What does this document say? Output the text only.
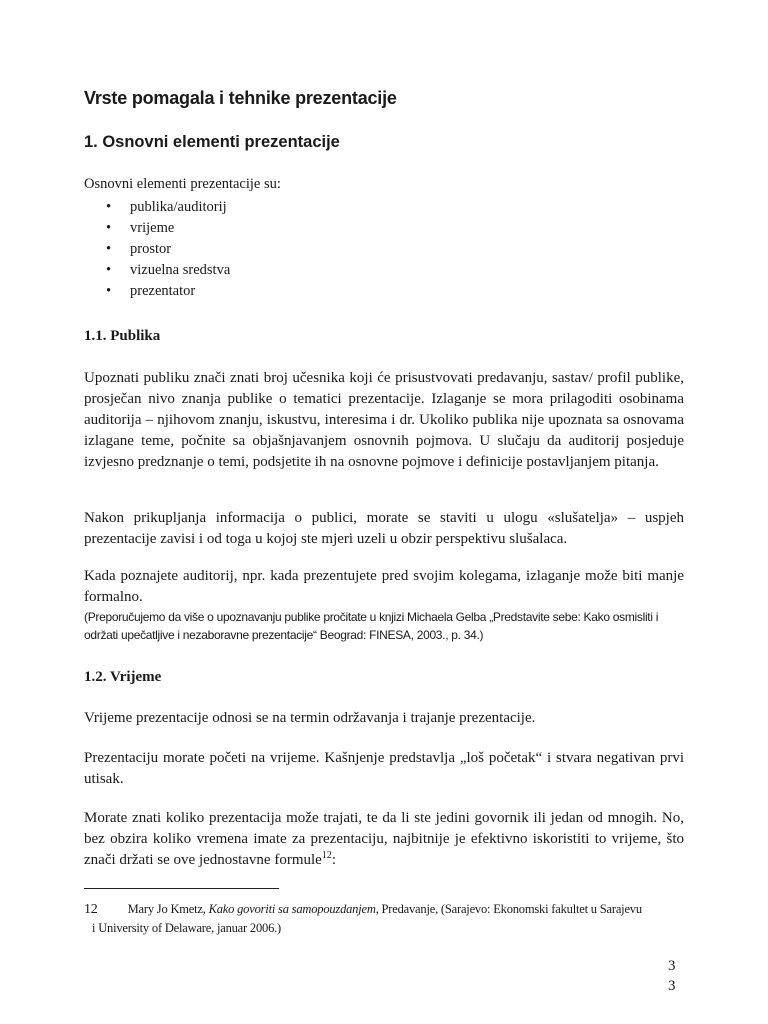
Vrste pomagala i tehnike prezentacije
1. Osnovni elementi prezentacije
Osnovni elementi prezentacije su:
• publika/auditorij
• vrijeme
• prostor
• vizuelna sredstva
• prezentator
1.1. Publika

Upoznati publiku znači znati broj učesnika koji će prisustvovati predavanju, sastav/ profil publike, prosječan nivo znanja publike o tematici prezentacije. Izlaganje se mora prilagoditi osobinama auditorija – njihovom znanju, iskustvu, interesima i dr. Ukoliko publika nije upoznata sa osnovama izlagane teme, počnite sa objašnjavanjem osnovnih pojmova. U slučaju da auditorij posjeduje izvjesno predznanje o temi, podsjetite ih na osnovne pojmove i definicije postavljanjem pitanja.

Nakon prikupljanja informacija o publici, morate se staviti u ulogu «slušatelja» – uspjeh prezentacije zavisi i od toga u kojoj ste mjeri uzeli u obzir perspektivu slušalaca.

Kada poznajete auditorij, npr. kada prezentujete pred svojim kolegama, izlaganje može biti manje formalno.

(Preporučujemo da više o upoznavanju publike pročitate u knjizi Michaela Gelba „Predstavite sebe: Kako osmisliti i održati upečatljive i nezaboravne prezentacije“ Beograd: FINESA, 2003., p. 34.)
1.2. Vrijeme

Vrijeme prezentacije odnosi se na termin održavanja i trajanje prezentacije.

Prezentaciju morate početi na vrijeme. Kašnjenje predstavlja „loš početak“ i stvara negativan prvi utisak.

Morate znati koliko prezentacija može trajati, te da li ste jedini govornik ili jedan od mnogih. No, bez obzira koliko vremena imate za prezentaciju, najbitnije je efektivno iskoristiti to vrijeme, što znači držati se ove jednostavne formule$^{12}$:

12 Mary Jo Kmetz, Kako govoriti sa samopouzdanjem, Predavanje, (Sarajevo: Ekonomski fakultet u Sarajevu
i University of Delaware, januar 2006.)
3
3
